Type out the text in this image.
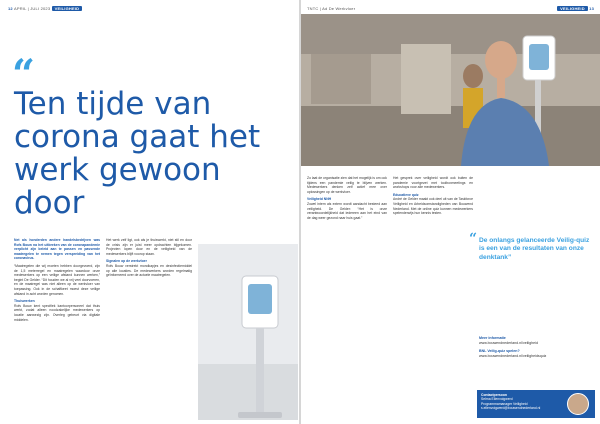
12 APRIL | JULI 2023 VEILIGHEID
“
Ten tijde van corona gaat het werk gewoon door

Net als honderden andere handelsbedrijven was Rofs Bouw na het uitbreken van de coronapandemie verplicht zijn beleid aan te passen en passende maatregelen te nemen tegen verspreiding van het coronavirus.

“Maatregelen die wij moeten hebben doorgevoerd, zijn de 1,5 meterregel en maatregelen waardoor onze medewerkers op een veilige afstand kunnen werken,” begint De Gelder. “Dit houden we al vrij veel doorvoeren, en de maatregel was niet alleen op de werkvloer van toepassing. Ook in de schaftkeet moest deze veilige afstand in acht worden genomen.

Thuiswerken

Rofs Bouw kent specifiek kantoorpersoneel dat thuis werkt, zodat alleen noodzakelijke medewerkers op locatie aanwezig zijn. Overleg gebeurt via digitale middelen.

Het werk zelf ligt, ook als je thuiswerkt, niet stil en door de crisis zijn er juist meer opdrachten bijgekomen. Projecten lopen door en de veiligheid van de medewerkers blijft voorop staan.

Signalen op de werkvloer

Rofs Bouw verstrekt mondkapjes en desinfectiemiddel op alle locaties. De medewerkers worden regelmatig geïnformeerd over de actuele maatregelen.

TNTC | Ad De Werkvloer	VEILIGHEID 13

Zo laat de organisatie zien dat het mogelijk is om ook tijdens een pandemie veilig te blijven werken. Medewerkers denken zelf actief mee over oplossingen op de werkvloer.

Veiligheid NNH

Zowel intern als extern wordt aandacht besteed aan veiligheid. De Gelder: “Het is onze verantwoordelijkheid dat iedereen aan het eind van de dag weer gezond naar huis gaat.”

Het gesprek over veiligheid wordt ook buiten de pandemie voortgezet met toolboxmeetings en workshops voor alle medewerkers.

Educatieve quiz

André de Gelder maakt ook deel uit van de Taskforce Veiligheid en Arbeidsomstandigheden van Bouwend Nederland. Met de online quiz kunnen medewerkers spelenderwijs hun kennis testen.

“ De onlangs gelanceerde Veilig-quiz is een van de resultaten van onze denktank”
Meer informatie
www.bouwendnederland.nl/veiligheid
BNL Veilig-quiz spelen?
www.bouwendnederland.nl/veiligheidsquiz
Contactpersoon
Selma Ellenvoigwerd
Programmamanager Veiligheid
s.ellenvoigwerd@bouwendnederland.nl
